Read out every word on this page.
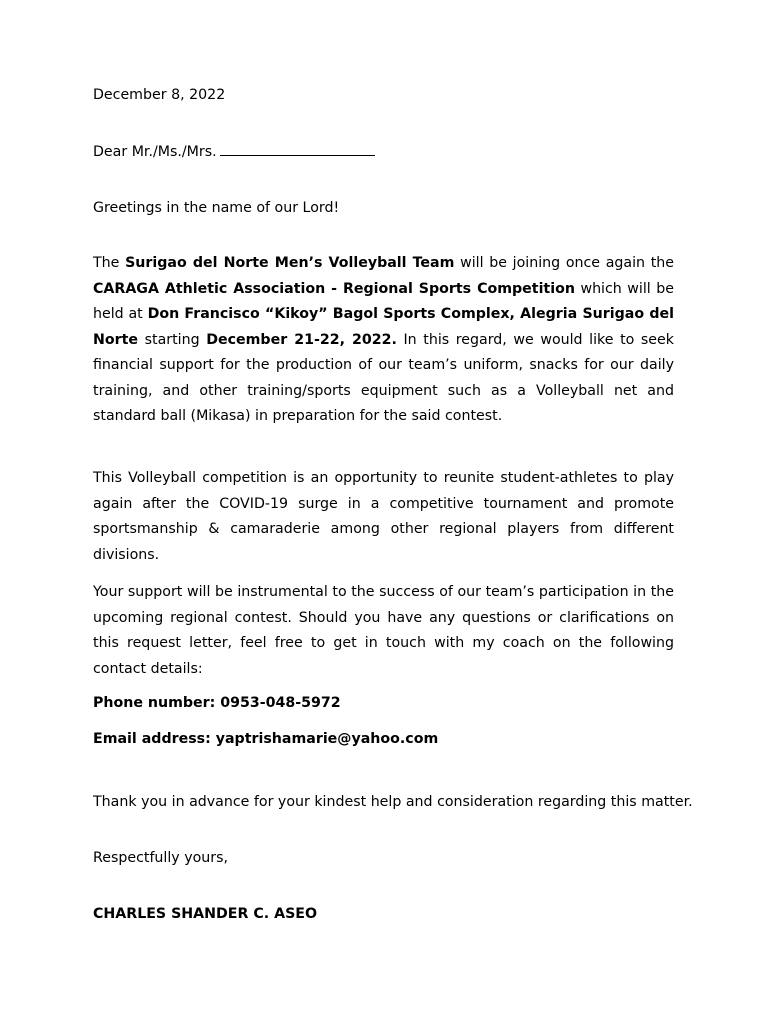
December 8, 2022

Dear Mr./Ms./Mrs.

Greetings in the name of our Lord!

The Surigao del Norte Men’s Volleyball Team will be joining once again the CARAGA Athletic Association - Regional Sports Competition which will be held at Don Francisco “Kikoy” Bagol Sports Complex, Alegria Surigao del Norte starting December 21-22, 2022. In this regard, we would like to seek financial support for the production of our team’s uniform, snacks for our daily training, and other training/sports equipment such as a Volleyball net and standard ball (Mikasa) in preparation for the said contest.

This Volleyball competition is an opportunity to reunite student-athletes to play again after the COVID-19 surge in a competitive tournament and promote sportsmanship & camaraderie among other regional players from different divisions.

Your support will be instrumental to the success of our team’s participation in the upcoming regional contest. Should you have any questions or clarifications on this request letter, feel free to get in touch with my coach on the following contact details:

Phone number: 0953-048-5972

Email address: yaptrishamarie@yahoo.com

Thank you in advance for your kindest help and consideration regarding this matter.

Respectfully yours,

CHARLES SHANDER C. ASEO
